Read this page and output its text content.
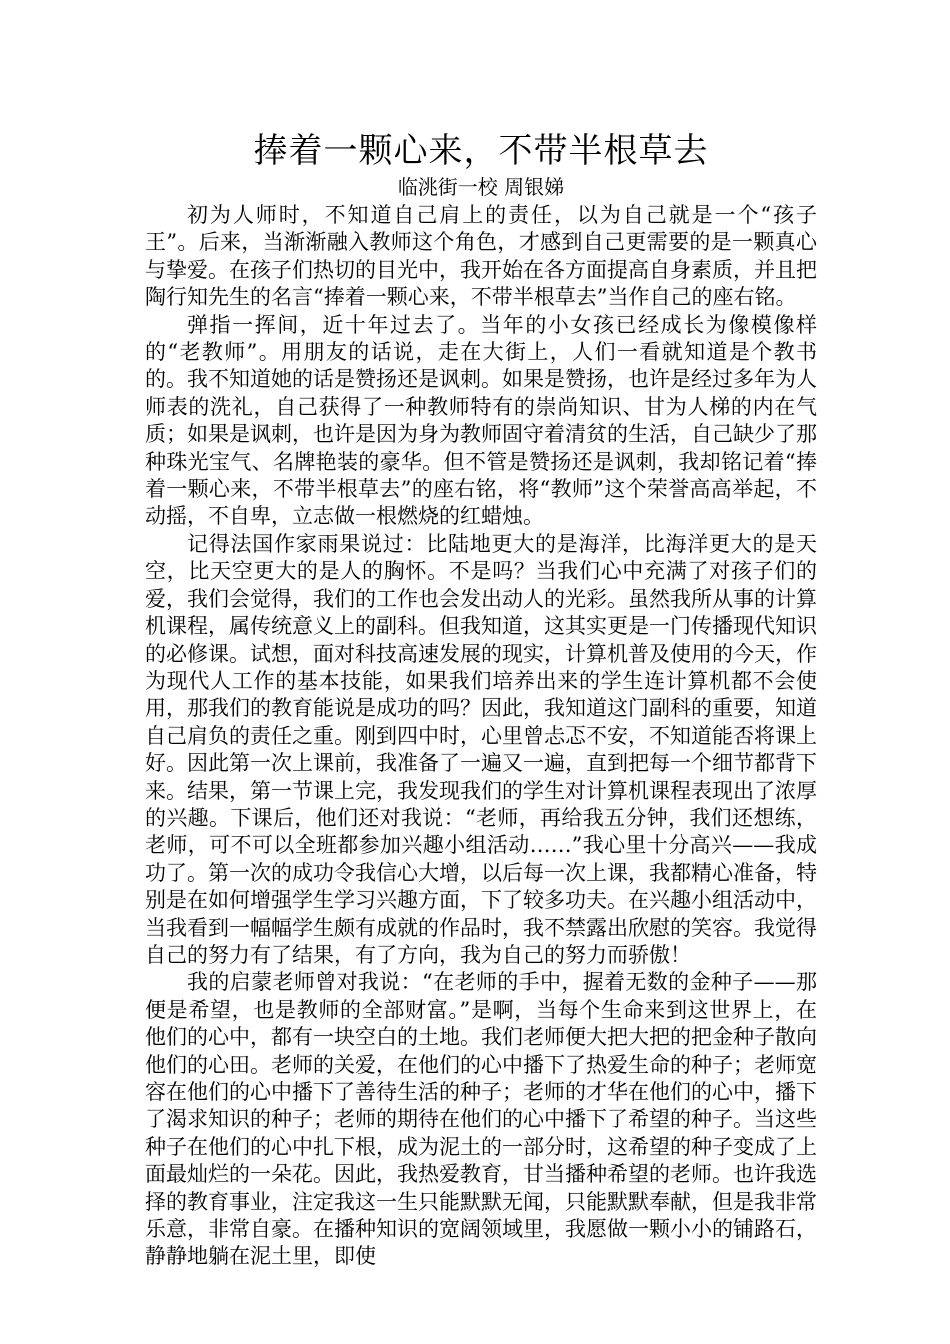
捧着一颗心来，不带半根草去

临洮街一校 周银娣

初为人师时，不知道自己肩上的责任，以为自己就是一个“孩子王”。后来，当渐渐融入教师这个角色，才感到自己更需要的是一颗真心与挚爱。在孩子们热切的目光中，我开始在各方面提高自身素质，并且把陶行知先生的名言“捧着一颗心来，不带半根草去”当作自己的座右铭。

弹指一挥间，近十年过去了。当年的小女孩已经成长为像模像样的“老教师”。用朋友的话说，走在大街上，人们一看就知道是个教书的。我不知道她的话是赞扬还是讽刺。如果是赞扬，也许是经过多年为人师表的洗礼，自己获得了一种教师特有的崇尚知识、甘为人梯的内在气质；如果是讽刺，也许是因为身为教师固守着清贫的生活，自己缺少了那种珠光宝气、名牌艳装的豪华。但不管是赞扬还是讽刺，我却铭记着“捧着一颗心来，不带半根草去”的座右铭，将“教师”这个荣誉高高举起，不动摇，不自卑，立志做一根燃烧的红蜡烛。

记得法国作家雨果说过：比陆地更大的是海洋，比海洋更大的是天空，比天空更大的是人的胸怀。不是吗？当我们心中充满了对孩子们的爱，我们会觉得，我们的工作也会发出动人的光彩。虽然我所从事的计算机课程，属传统意义上的副科。但我知道，这其实更是一门传播现代知识的必修课。试想，面对科技高速发展的现实，计算机普及使用的今天，作为现代人工作的基本技能，如果我们培养出来的学生连计算机都不会使用，那我们的教育能说是成功的吗？因此，我知道这门副科的重要，知道自己肩负的责任之重。刚到四中时，心里曾忐忑不安，不知道能否将课上好。因此第一次上课前，我准备了一遍又一遍，直到把每一个细节都背下来。结果，第一节课上完，我发现我们的学生对计算机课程表现出了浓厚的兴趣。下课后，他们还对我说：“老师，再给我五分钟，我们还想练，老师，可不可以全班都参加兴趣小组活动……”我心里十分高兴——我成功了。第一次的成功令我信心大增，以后每一次上课，我都精心准备，特别是在如何增强学生学习兴趣方面，下了较多功夫。在兴趣小组活动中，当我看到一幅幅学生颇有成就的作品时，我不禁露出欣慰的笑容。我觉得自己的努力有了结果，有了方向，我为自己的努力而骄傲！

我的启蒙老师曾对我说：“在老师的手中，握着无数的金种子——那便是希望，也是教师的全部财富。”是啊，当每个生命来到这世界上，在他们的心中，都有一块空白的土地。我们老师便大把大把的把金种子散向他们的心田。老师的关爱，在他们的心中播下了热爱生命的种子；老师宽容在他们的心中播下了善待生活的种子；老师的才华在他们的心中，播下了渴求知识的种子；老师的期待在他们的心中播下了希望的种子。当这些种子在他们的心中扎下根，成为泥土的一部分时，这希望的种子变成了上面最灿烂的一朵花。因此，我热爱教育，甘当播种希望的老师。也许我选择的教育事业，注定我这一生只能默默无闻，只能默默奉献，但是我非常乐意，非常自豪。在播种知识的宽阔领域里，我愿做一颗小小的铺路石，静静地躺在泥土里，即使
